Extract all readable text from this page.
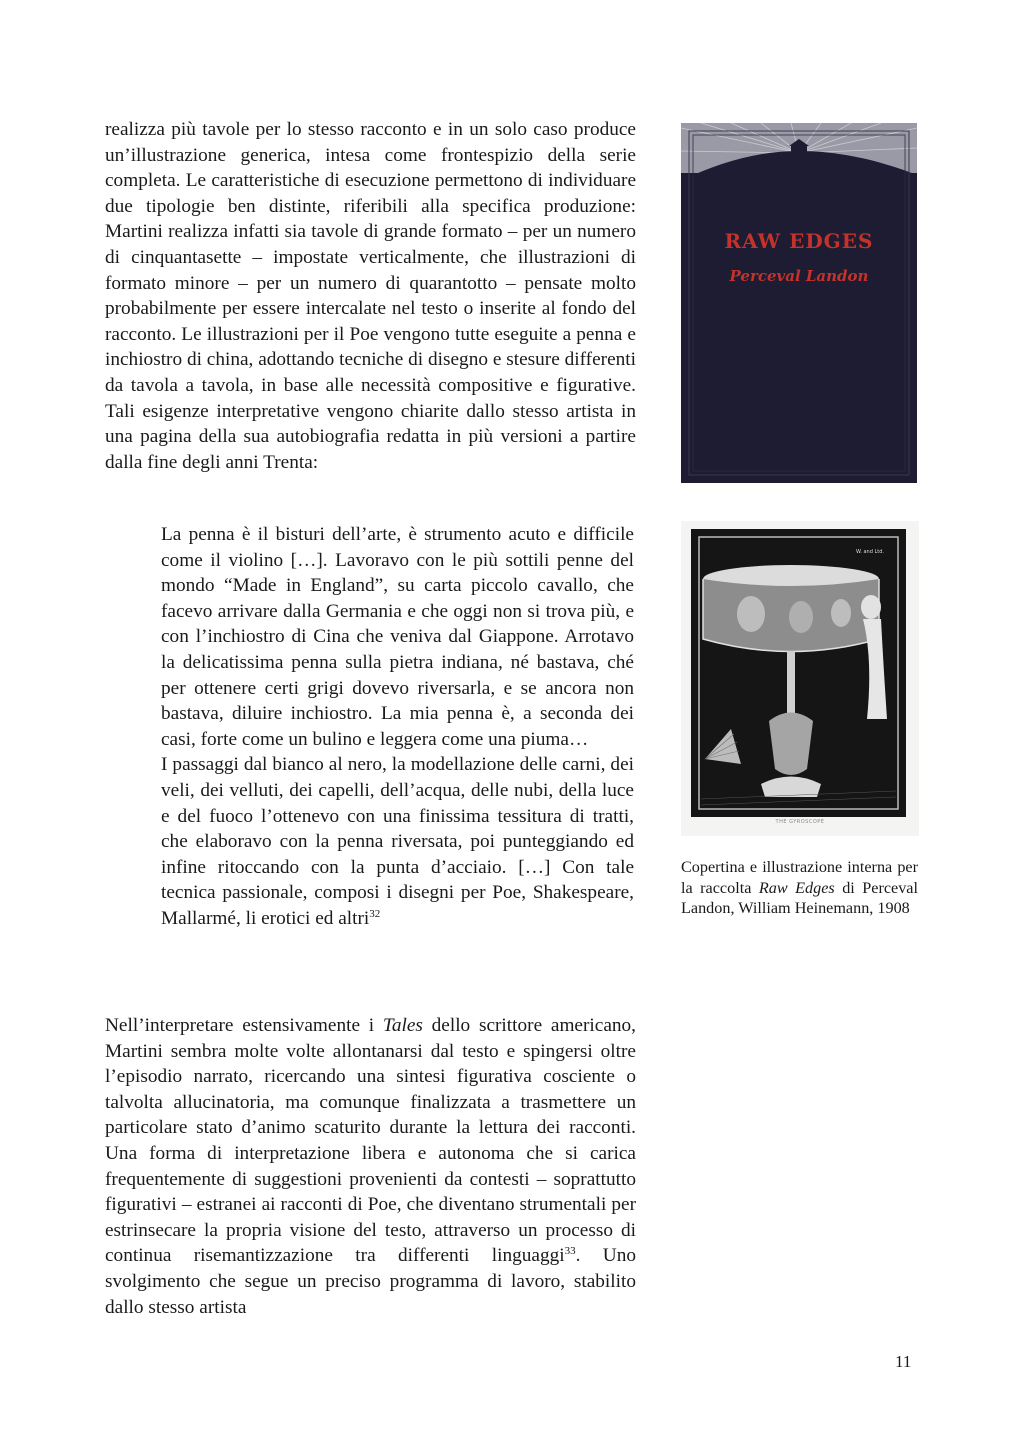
realizza più tavole per lo stesso racconto e in un solo caso produce un’illustrazione generica, intesa come frontespizio della serie completa. Le caratteristiche di esecuzione permettono di individuare due tipologie ben distinte, riferibili alla specifica produzione: Martini realizza infatti sia tavole di grande formato – per un numero di cinquantasette – impostate verticalmente, che illustrazioni di formato minore – per un numero di quarantotto – pensate molto probabilmente per essere intercalate nel testo o inserite al fondo del racconto. Le illustrazioni per il Poe vengono tutte eseguite a penna e inchiostro di china, adottando tecniche di disegno e stesure differenti da tavola a tavola, in base alle necessità compositive e figurative. Tali esigenze interpretative vengono chiarite dallo stesso artista in una pagina della sua autobiografia redatta in più versioni a partire dalla fine degli anni Trenta:

La penna è il bisturi dell’arte, è strumento acuto e difficile come il violino […]. Lavoravo con le più sottili penne del mondo “Made in England”, su carta piccolo cavallo, che facevo arrivare dalla Germania e che oggi non si trova più, e con l’inchiostro di Cina che veniva dal Giappone. Arrotavo la delicatissima penna sulla pietra indiana, né bastava, ché per ottenere certi grigi dovevo riversarla, e se ancora non bastava, diluire inchiostro. La mia penna è, a seconda dei casi, forte come un bulino e leggera come una piuma…

I passaggi dal bianco al nero, la modellazione delle carni, dei veli, dei velluti, dei capelli, dell’acqua, delle nubi, della luce e del fuoco l’ottenevo con una finissima tessitura di tratti, che elaboravo con la penna riversata, poi punteggiando ed infine ritoccando con la punta d’acciaio. […] Con tale tecnica passionale, composi i disegni per Poe, Shakespeare, Mallarmé, li erotici ed altri$^{32}$

Nell’interpretare estensivamente i Tales dello scrittore americano, Martini sembra molte volte allontanarsi dal testo e spingersi oltre l’episodio narrato, ricercando una sintesi figurativa cosciente o talvolta allucinatoria, ma comunque finalizzata a trasmettere un particolare stato d’animo scaturito durante la lettura dei racconti. Una forma di interpretazione libera e autonoma che si carica frequentemente di suggestioni provenienti da contesti – soprattutto figurativi – estranei ai racconti di Poe, che diventano strumentali per estrinsecare la propria visione del testo, attraverso un processo di continua risemantizzazione tra differenti linguaggi$^{33}$. Uno svolgimento che segue un preciso programma di lavoro, stabilito dallo stesso artista

RAW EDGES
Perceval Landon
W. and Ltd.
THE GYROSCOPE
Copertina e illustrazione interna per la raccolta Raw Edges di Perceval Landon, William Heinemann, 1908
11
